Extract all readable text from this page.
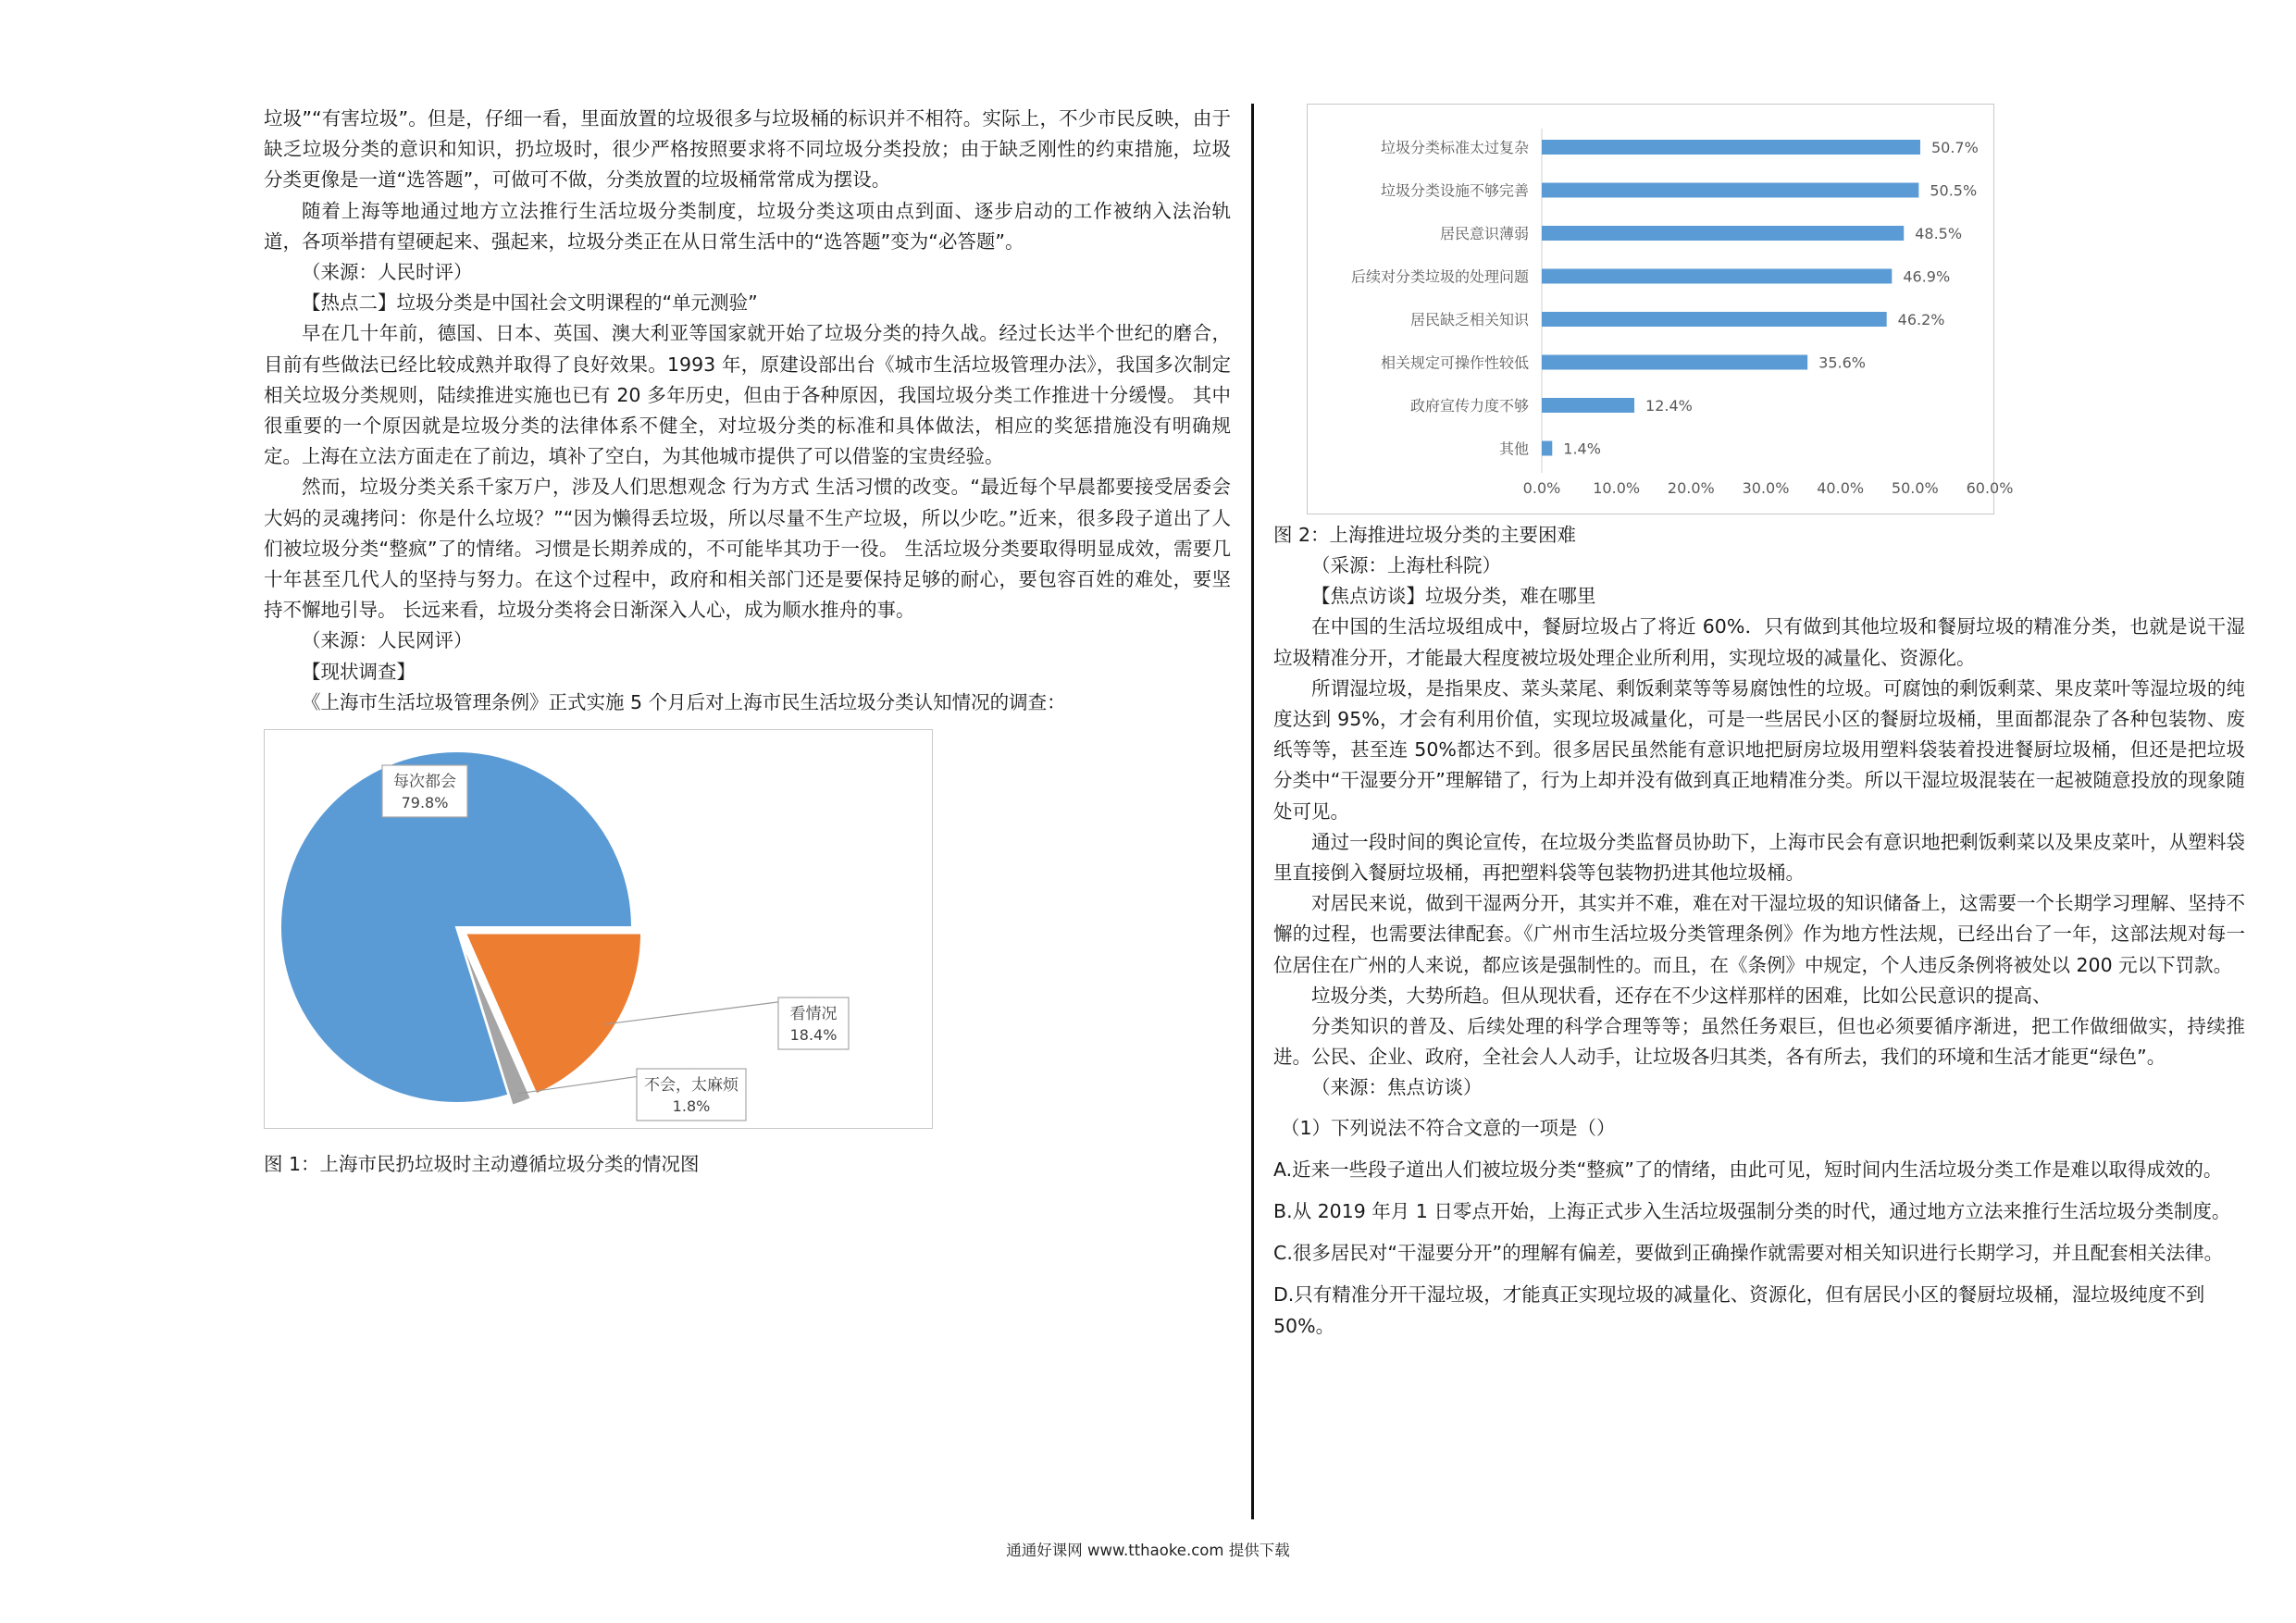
垃圾”“有害垃圾”。但是，仔细一看，里面放置的垃圾很多与垃圾桶的标识并不相符。实际上，不少市民反映，由于缺乏垃圾分类的意识和知识，扔垃圾时，很少严格按照要求将不同垃圾分类投放；由于缺乏刚性的约束措施，垃圾分类更像是一道“选答题”，可做可不做，分类放置的垃圾桶常常成为摆设。

随着上海等地通过地方立法推行生活垃圾分类制度，垃圾分类这项由点到面、逐步启动的工作被纳入法治轨道，各项举措有望硬起来、强起来，垃圾分类正在从日常生活中的“选答题”变为“必答题”。

（来源：人民时评）

【热点二】垃圾分类是中国社会文明课程的“单元测验”

早在几十年前，德国、日本、英国、澳大利亚等国家就开始了垃圾分类的持久战。经过长达半个世纪的磨合，目前有些做法已经比较成熟并取得了良好效果。1993 年，原建设部出台《城市生活垃圾管理办法》，我国多次制定相关垃圾分类规则，陆续推进实施也已有 20 多年历史，但由于各种原因，我国垃圾分类工作推进十分缓慢。 其中很重要的一个原因就是垃圾分类的法律体系不健全，对垃圾分类的标准和具体做法，相应的奖惩措施没有明确规定。上海在立法方面走在了前边，填补了空白，为其他城市提供了可以借鉴的宝贵经验。

然而，垃圾分类关系千家万户，涉及人们思想观念 行为方式 生活习惯的改变。“最近每个早晨都要接受居委会大妈的灵魂拷问：你是什么垃圾？”“因为懒得丢垃圾，所以尽量不生产垃圾，所以少吃。”近来，很多段子道出了人们被垃圾分类“整疯”了的情绪。习惯是长期养成的，不可能毕其功于一役。 生活垃圾分类要取得明显成效，需要几十年甚至几代人的坚持与努力。在这个过程中，政府和相关部门还是要保持足够的耐心，要包容百姓的难处，要坚持不懈地引导。 长远来看，垃圾分类将会日渐深入人心，成为顺水推舟的事。

（来源：人民网评）

【现状调查】

《上海市生活垃圾管理条例》正式实施 5 个月后对上海市民生活垃圾分类认知情况的调查：

每次都会
79.8%
看情况
18.4%
不会，太麻烦
1.8%

图 1：上海市民扔垃圾时主动遵循垃圾分类的情况图

垃圾分类标准太过复杂	50.7%
垃圾分类设施不够完善	50.5%
居民意识薄弱	48.5%
后续对分类垃圾的处理问题	46.9%
居民缺乏相关知识	46.2%
相关规定可操作性较低	35.6%
政府宣传力度不够	12.4%
其他 1.4%
0.0% 10.0% 20.0% 30.0% 40.0% 50.0% 60.0%

图 2：上海推进垃圾分类的主要困难

（采源：上海杜科院）

【焦点访谈】垃圾分类，难在哪里

在中国的生活垃圾组成中，餐厨垃圾占了将近 60%．只有做到其他垃圾和餐厨垃圾的精准分类，也就是说干湿垃圾精准分开，才能最大程度被垃圾处理企业所利用，实现垃圾的减量化、资源化。

所谓湿垃圾，是指果皮、菜头菜尾、剩饭剩菜等等易腐蚀性的垃圾。可腐蚀的剩饭剩菜、果皮菜叶等湿垃圾的纯度达到 95%，才会有利用价值，实现垃圾减量化，可是一些居民小区的餐厨垃圾桶，里面都混杂了各种包装物、废纸等等，甚至连 50%都达不到。很多居民虽然能有意识地把厨房垃圾用塑料袋装着投进餐厨垃圾桶，但还是把垃圾分类中“干湿要分开”理解错了，行为上却并没有做到真正地精准分类。所以干湿垃圾混装在一起被随意投放的现象随处可见。

通过一段时间的舆论宣传，在垃圾分类监督员协助下，上海市民会有意识地把剩饭剩菜以及果皮菜叶，从塑料袋里直接倒入餐厨垃圾桶，再把塑料袋等包装物扔进其他垃圾桶。

对居民来说，做到干湿两分开，其实并不难，难在对干湿垃圾的知识储备上，这需要一个长期学习理解、坚持不懈的过程，也需要法律配套。《广州市生活垃圾分类管理条例》作为地方性法规，已经出台了一年，这部法规对每一位居住在广州的人来说，都应该是强制性的。而且，在《条例》中规定，个人违反条例将被处以 200 元以下罚款。

垃圾分类，大势所趋。但从现状看，还存在不少这样那样的困难，比如公民意识的提高、

分类知识的普及、后续处理的科学合理等等；虽然任务艰巨，但也必须要循序渐进，把工作做细做实，持续推进。公民、企业、政府，全社会人人动手，让垃圾各归其类，各有所去，我们的环境和生活才能更“绿色”。

（来源：焦点访谈）

（1）下列说法不符合文意的一项是（）

A.近来一些段子道出人们被垃圾分类“整疯”了的情绪，由此可见，短时间内生活垃圾分类工作是难以取得成效的。

B.从 2019 年月 1 日零点开始，上海正式步入生活垃圾强制分类的时代，通过地方立法来推行生活垃圾分类制度。

C.很多居民对“干湿要分开”的理解有偏差，要做到正确操作就需要对相关知识进行长期学习，并且配套相关法律。

D.只有精准分开干湿垃圾，才能真正实现垃圾的减量化、资源化，但有居民小区的餐厨垃圾桶，湿垃圾纯度不到 50%。

通通好课网 www.tthaoke.com 提供下载
